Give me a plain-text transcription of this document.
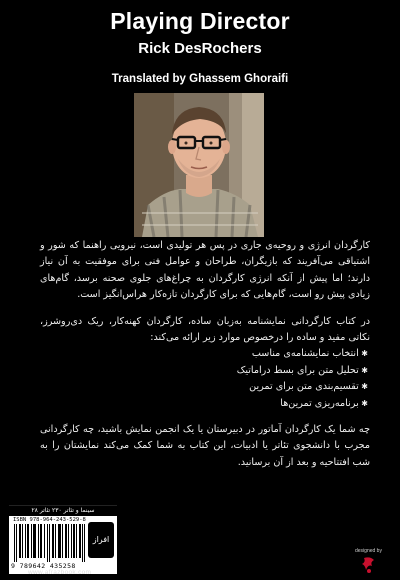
Playing Director
Rick DesRochers
Translated by Ghassem Ghoraifi

کارگردان انرژی و روحیه‌ی جاری در پس هر تولیدی است، نیرویی راهنما که شور و اشتیاقی می‌آفریند که بازیگران، طراحان و عوامل فنی برای موفقیت به آن نیاز دارند؛ اما پیش از آنکه انرژی کارگردان به چراغ‌های جلوی صحنه برسد، گام‌های زیادی پیش رو است، گام‌هایی که برای کارگردان تازه‌کار هراس‌انگیز است.

در کتاب کارگردانی نمایشنامه به‌زبان ساده، کارگردان کهنه‌کار، ریک دی‌روشرز، نکاتی مفید و ساده را درخصوص موارد زیر ارائه می‌کند:

✱ انتخاب نمایشنامه‌ی مناسب
✱ تحلیل متن برای بسط دراماتیک
✱ تقسیم‌بندی متن برای تمرین
✱ برنامه‌ریزی تمرین‌ها

چه شما یک کارگردان آماتور در دبیرستان یا یک انجمن نمایش باشید، چه کارگردانی مجرب با دانشجوی تئاتر یا ادبیات، این کتاب به شما کمک می‌کند نمایشتان را به شب افتتاحیه و بعد از آن برسانید.

سینما و تئاتر ۲۳۰ تئاتر ۲۸
ISBN 978-964-243-529-8
9 789642 435258
افراز
www.afrazbook.com
designed by
